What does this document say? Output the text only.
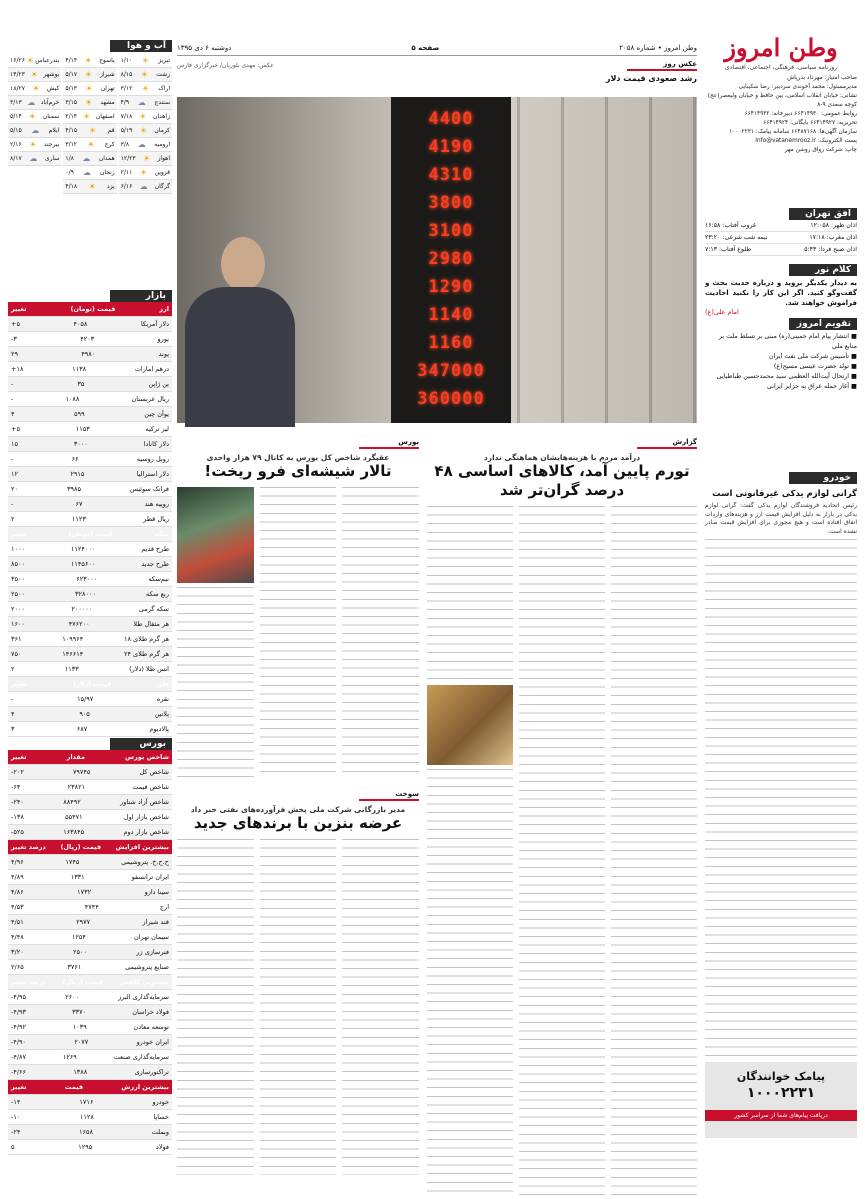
وطن امروز
روزنامه سیاسی، فرهنگی، اجتماعی، اقتصادی
صاحب امتیاز: مهرداد بذرپاش
مدیرمسئول: محمد آخوندی سردبیر: رضا شکیبایی
نشانی: خیابان انقلاب اسلامی، بین حافظ و خیابان ولیعصر(عج)
کوچه سعدی ۹-۸
روابط عمومی: ۶۶۴۱۴۹۳۰ دبیرخانه: ۶۶۴۱۴۹۳۲
تحریریه: ۶۶۴۱۴۹۲۷ بایگانی: ۶۶۴۱۴۹۲۴
سازمان آگهی‌ها: ۶۶۴۸۷۱۶۸ سامانه پیامک: ۱۰۰۰۲۲۳۱
پست الکترونیک: Info@vatanemrooz.ir
چاپ: شرکت رواق روشن مهر
افق تهران
اذان ظهر: ۱۲:۰۵۸
غروب آفتاب: ۱۶:۵۸
اذان مغرب: ۱۷:۱۸
نیمه شب شرعی: ۲۳:۲۰
اذان صبح فردا: ۵:۴۳
طلوع آفتاب: ۷:۱۳
کلام نور
به دیدار یکدیگر بروید و درباره حدیث بحث و گفت‌وگو کنید. اگر این کار را نکنید احادیث فراموش خواهند شد.
امام علی(ع)
تقویم امروز
■ انتشار پیام امام خمینی(ره) مبنی بر تسلط ملت بر منابع ملی
■ تأسیس شرکت ملی نفت ایران
■ تولد حضرت عیسی مسیح(ع)
■ ارتحال آیت‌الله العظمی سید محمدحسین طباطبایی
■ آغاز حمله عراق به جزایر ایرانی
خودرو
گرانی لوازم یدکی غیرقانونی است
رئیس اتحادیه فروشندگان لوازم یدکی گفت: گرانی لوازم یدکی در بازار به دلیل افزایش قیمت ارز و هزینه‌های واردات اتفاق افتاده است و هیچ مجوزی برای افزایش قیمت صادر نشده است.
پیامک خوانندگان
۱۰۰۰۲۲۳۱
دریافت پیام‌های شما از سراسر کشور
وطن امروز • شماره ۲۰۵۸
صفحه ۵
دوشنبه ۶ دی ۱۳۹۵
عکس روز
رشد صعودی قیمت دلار
عکس: مهدی بلوریان/ خبرگزاری فارس
4400
4190
4310
3800
3100
2980
1290
1140
1160
347000
360000
گزارش
درآمد مردم با هزینه‌هایشان هماهنگی ندارد
تورم پایین آمد، کالاهای اساسی ۴۸ درصد گران‌تر شد
بورس
عقبگرد شاخص کل بورس به کانال ۷۹ هزار واحدی
تالار شیشه‌ای فرو ریخت!
سوخت
مدیر بازرگانی شرکت ملی پخش فرآورده‌های نفتی خبر داد
عرضه بنزین با برندهای جدید
آب و هوا
تبریز
☀
۱/۱۰
رشت
☀
۸/۱۵
اراک
☀
۳/۱۲
سنندج
☁
۴/۹
زاهدان
☀
۷/۱۸
کرمان
☀
۵/۱۹
ارومیه
☁
۳/۸
اهواز
☀
۱۲/۲۳
قزوین
☀
۲/۱۱
گرگان
☁
۶/۱۶
یاسوج
☀
۴/۱۴
شیراز
☀
۵/۱۷
تهران
☀
۵/۱۳
مشهد
☀
۳/۱۵
اصفهان
☀
۲/۱۴
قم
☀
۴/۱۵
کرج
☀
۳/۱۲
همدان
☁
۱/۸
زنجان
☁
۰/۹
یزد
☀
۴/۱۸
بندرعباس
☀
۱۶/۲۶
بوشهر
☀
۱۴/۲۳
کیش
☀
۱۸/۲۷
خرم‌آباد
☁
۳/۱۳
سمنان
☀
۵/۱۴
ایلام
☁
۵/۱۵
بیرجند
☀
۲/۱۶
ساری
☁
۸/۱۷
بازار
ارز
قیمت (تومان)
تغییر
دلار آمریکا
۴۰۵۸
+۵
یورو
۴۲۰۳
-۳
پوند
۴۹۸۰
۲۹
درهم امارات
۱۱۳۸
+۱۸
ین ژاپن
۳۵
-
ریال عربستان
۱۰۸۸
-
یوآن چین
۵۹۹
۴
لیر ترکیه
۱۱۵۳
+۵
دلار کانادا
۳۰۰۰
۱۵
روبل روسیه
۶۶
-
دلار استرالیا
۲۹۱۵
۱۲
فرانک سوئیس
۳۹۸۵
۲۰
روپیه هند
۶۷
-
ریال قطر
۱۱۲۳
۲
سکه
قیمت (تومان)
تغییر
طرح قدیم
۱۱۲۴۰۰۰
۱۰۰۰
طرح جدید
۱۱۴۵۶۰۰
۸۵۰۰
نیم‌سکه
۶۲۳۰۰۰
۳۵۰۰
ربع سکه
۳۲۸۰۰۰
۲۵۰۰
سکه گرمی
۲۰۰۰۰۰
۲۰۰۰
هر مثقال طلا
۴۷۶۲۰۰
۱۶۰۰
هر گرم طلای ۱۸
۱۰۹۹۶۴
۳۶۱
هر گرم طلای ۲۴
۱۴۶۶۱۴
۷۵۰
انس طلا (دلار)
۱۱۳۳
۲
فلز
قیمت (دلار)
تغییر
نقره
۱۵/۹۷
-
پلاتین
۹۰۵
۴
پالادیوم
۶۸۷
۳
بورس
شاخص بورس
مقدار
تغییر
شاخص کل
۷۹۷۴۵
-۲۰۲
شاخص قیمت
۲۳۸۲۱
-۶۴
شاخص آزاد شناور
۸۸۴۹۲
-۲۴۰
شاخص بازار اول
۵۵۴۷۱
-۱۳۸
شاخص بازار دوم
۱۶۳۸۴۵
-۵۲۵
بیشترین افزایش
قیمت (ریال)
درصد تغییر
ح.ح.خ. پتروشیمی
۱۷۴۵
۴/۹۶
ایران ترانسفو
۱۳۳۱
۴/۸۹
سینا دارو
۱۷۳۲
۴/۸۶
ارج
۴۷۴۴
۴/۵۳
قند شیراز
۲۹۷۷
۴/۵۱
سیمان تهران
۱۲۵۴
۴/۴۸
فنرسازی زر
۲۵۰۰
۳/۲۰
صنایع پتروشیمی
۳۷۶۱
۲/۶۵
بیشترین کاهش
قیمت (ریال)
درصد تغییر
سرمایه‌گذاری البرز
۲۶۰۰
-۴/۹۵
فولاد خراسان
۳۳۷۰
-۴/۹۳
توسعه معادن
۱۰۳۹
-۴/۹۲
ایران خودرو
۲۰۷۷
-۴/۹۰
سرمایه‌گذاری صنعت
۱۲۶۹
-۴/۸۷
تراکتورسازی
۱۳۸۸
-۴/۶۶
بیشترین ارزش
قیمت
تغییر
خودرو
۱۷۱۶
-۱۴
خساپا
۱۱۲۸
-۱۰
وبملت
۱۶۵۸
-۲۴
فولاد
۱۲۹۵
۵
